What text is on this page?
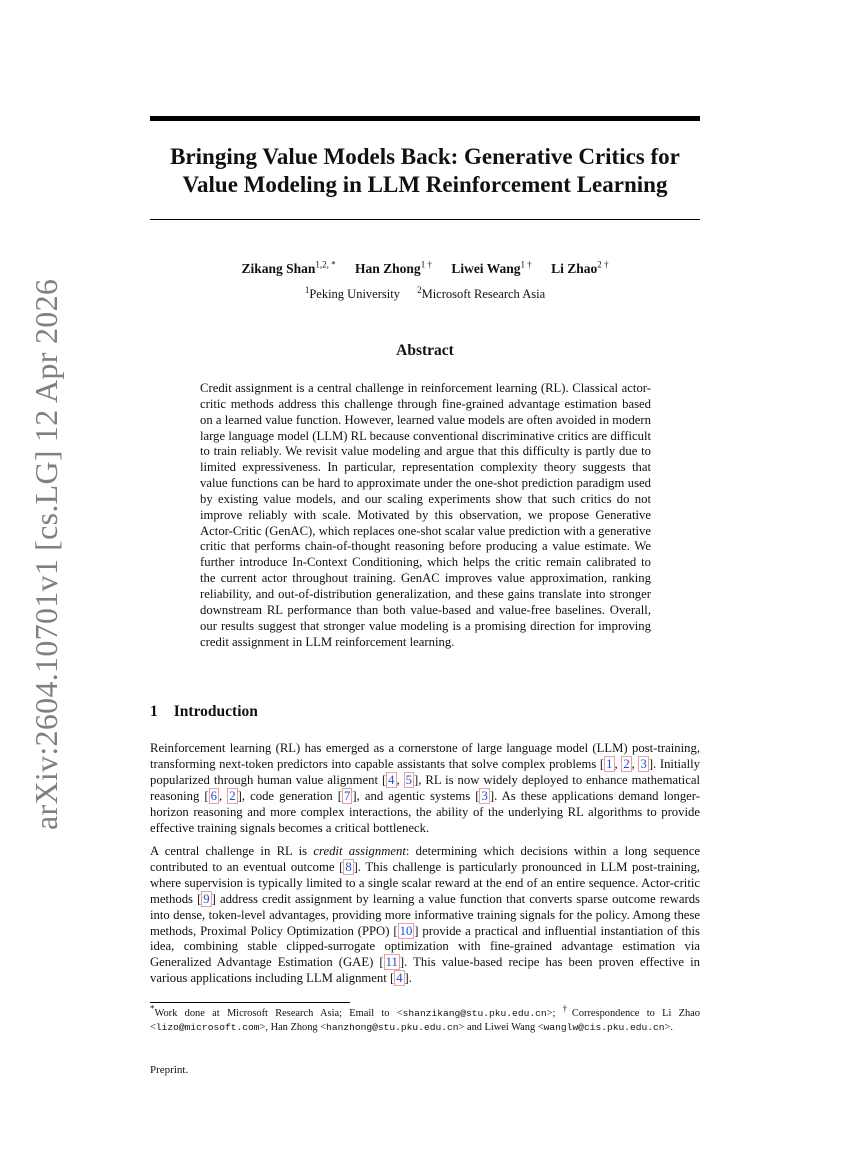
arXiv:2604.10701v1[cs.LG]12 Apr 2026
Bringing Value Models Back: Generative Critics for
Value Modeling in LLM Reinforcement Learning
Zikang Shan$^{1,2, *}$ Han Zhong$^{1 \dagger}$ Liwei Wang$^{1 \dagger}$ Li Zhao$^{2 \dagger}$
$^1$Peking University $^2$Microsoft Research Asia
Abstract

Credit assignment is a central challenge in reinforcement learning (RL). Classical actor-critic methods address this challenge through fine-grained advantage estimation based on a learned value function. However, learned value models are often avoided in modern large language model (LLM) RL because conventional discriminative critics are difficult to train reliably. We revisit value modeling and argue that this difficulty is partly due to limited expressiveness. In particular, representation complexity theory suggests that value functions can be hard to approximate under the one-shot prediction paradigm used by existing value models, and our scaling experiments show that such critics do not improve reliably with scale. Motivated by this observation, we propose Generative Actor-Critic (GenAC), which replaces one-shot scalar value prediction with a generative critic that performs chain-of-thought reasoning before producing a value estimate. We further introduce In-Context Conditioning, which helps the critic remain calibrated to the current actor throughout training. GenAC improves value approximation, ranking reliability, and out-of-distribution generalization, and these gains translate into stronger downstream RL performance than both value-based and value-free baselines. Overall, our results suggest that stronger value modeling is a promising direction for improving credit assignment in LLM reinforcement learning.

1 Introduction

Reinforcement learning (RL) has emerged as a cornerstone of large language model (LLM) post-training, transforming next-token predictors into capable assistants that solve complex problems [ 1 , 2 , 3 ]. Initially popularized through human value alignment [ 4 , 5 ], RL is now widely deployed to enhance mathematical reasoning [ 6 , 2 ], code generation [ 7 ], and agentic systems [ 3 ]. As these applications demand longer-horizon reasoning and more complex interactions, the ability of the underlying RL algorithms to provide effective training signals becomes a critical bottleneck.

A central challenge in RL is credit assignment: determining which decisions within a long sequence contributed to an eventual outcome [ 8 ]. This challenge is particularly pronounced in LLM post-training, where supervision is typically limited to a single scalar reward at the end of an entire sequence. Actor-critic methods [ 9 ] address credit assignment by learning a value function that converts sparse outcome rewards into dense, token-level advantages, providing more informative training signals for the policy. Among these methods, Proximal Policy Optimization (PPO) [ 10 ] provide a practical and influential instantiation of this idea, combining stable clipped-surrogate optimization with fine-grained advantage estimation via Generalized Advantage Estimation (GAE) [ 11 ]. This value-based recipe has been proven effective in various applications including LLM alignment [ 4 ].

*Work done at Microsoft Research Asia; Email to <shanzikang@stu.pku.edu.cn>; †Correspondence to Li Zhao <lizo@microsoft.com>, Han Zhong <hanzhong@stu.pku.edu.cn> and Liwei Wang <wanglw@cis.pku.edu.cn>.

Preprint.
